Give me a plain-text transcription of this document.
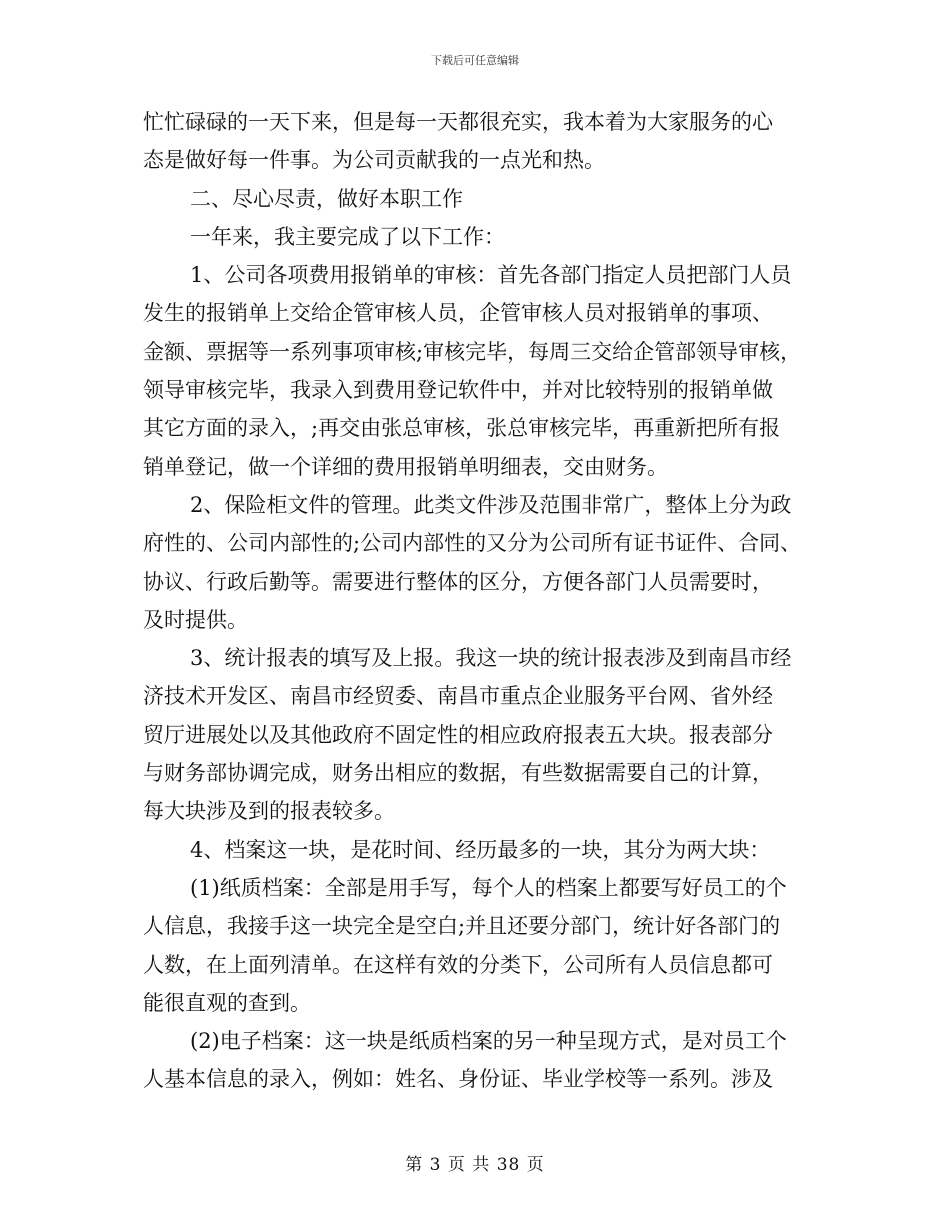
下载后可任意编辑
忙忙碌碌的一天下来，但是每一天都很充实，我本着为大家服务的心
态是做好每一件事。为公司贡献我的一点光和热。
二、尽心尽责，做好本职工作
一年来，我主要完成了以下工作：
1、公司各项费用报销单的审核：首先各部门指定人员把部门人员
发生的报销单上交给企管审核人员，企管审核人员对报销单的事项、
金额、票据等一系列事项审核;审核完毕，每周三交给企管部领导审核，
领导审核完毕，我录入到费用登记软件中，并对比较特别的报销单做
其它方面的录入，;再交由张总审核，张总审核完毕，再重新把所有报
销单登记，做一个详细的费用报销单明细表，交由财务。
2、保险柜文件的管理。此类文件涉及范围非常广，整体上分为政
府性的、公司内部性的;公司内部性的又分为公司所有证书证件、合同、
协议、行政后勤等。需要进行整体的区分，方便各部门人员需要时，
及时提供。
3、统计报表的填写及上报。我这一块的统计报表涉及到南昌市经
济技术开发区、南昌市经贸委、南昌市重点企业服务平台网、省外经
贸厅进展处以及其他政府不固定性的相应政府报表五大块。报表部分
与财务部协调完成，财务出相应的数据，有些数据需要自己的计算，
每大块涉及到的报表较多。
4、档案这一块，是花时间、经历最多的一块，其分为两大块：
(1)纸质档案：全部是用手写，每个人的档案上都要写好员工的个
人信息，我接手这一块完全是空白;并且还要分部门，统计好各部门的
人数，在上面列清单。在这样有效的分类下，公司所有人员信息都可
能很直观的查到。
(2)电子档案：这一块是纸质档案的另一种呈现方式，是对员工个
人基本信息的录入，例如：姓名、身份证、毕业学校等一系列。涉及
第 3 页 共 38 页
